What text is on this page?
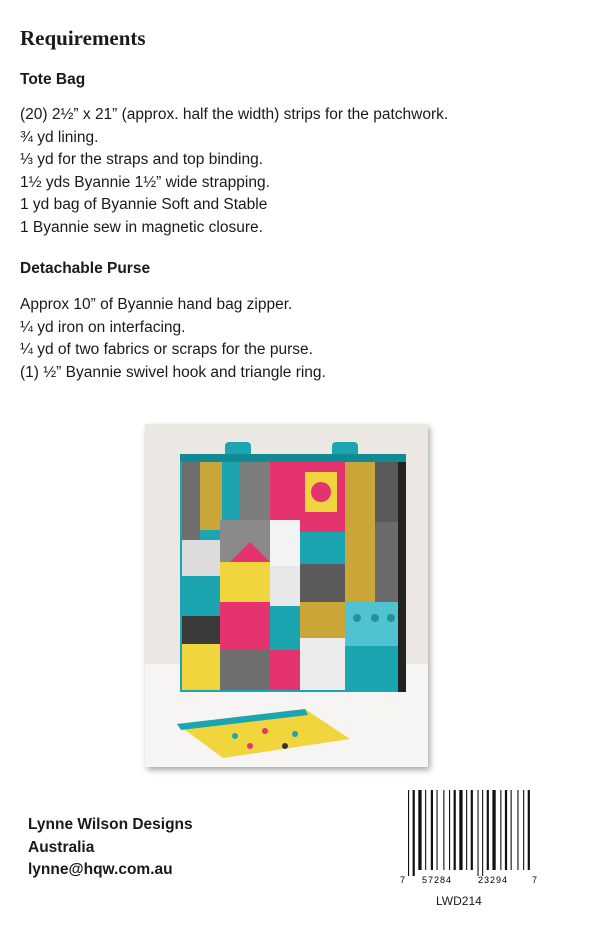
Requirements
Tote Bag
(20) 2½” x 21” (approx. half the width) strips for the patchwork.
¾ yd lining.
⅓ yd for the straps and top binding.
1½ yds Byannie 1½” wide strapping.
1 yd bag of Byannie Soft and Stable
1 Byannie sew in magnetic closure.
Detachable Purse
Approx 10” of Byannie hand bag zipper.
¼ yd iron on interfacing.
¼ yd of two fabrics or scraps for the purse.
(1) ½” Byannie swivel hook and triangle ring.
Lynne Wilson Designs
Australia
lynne@hqw.com.au
7 57284	23294	7
LWD214
